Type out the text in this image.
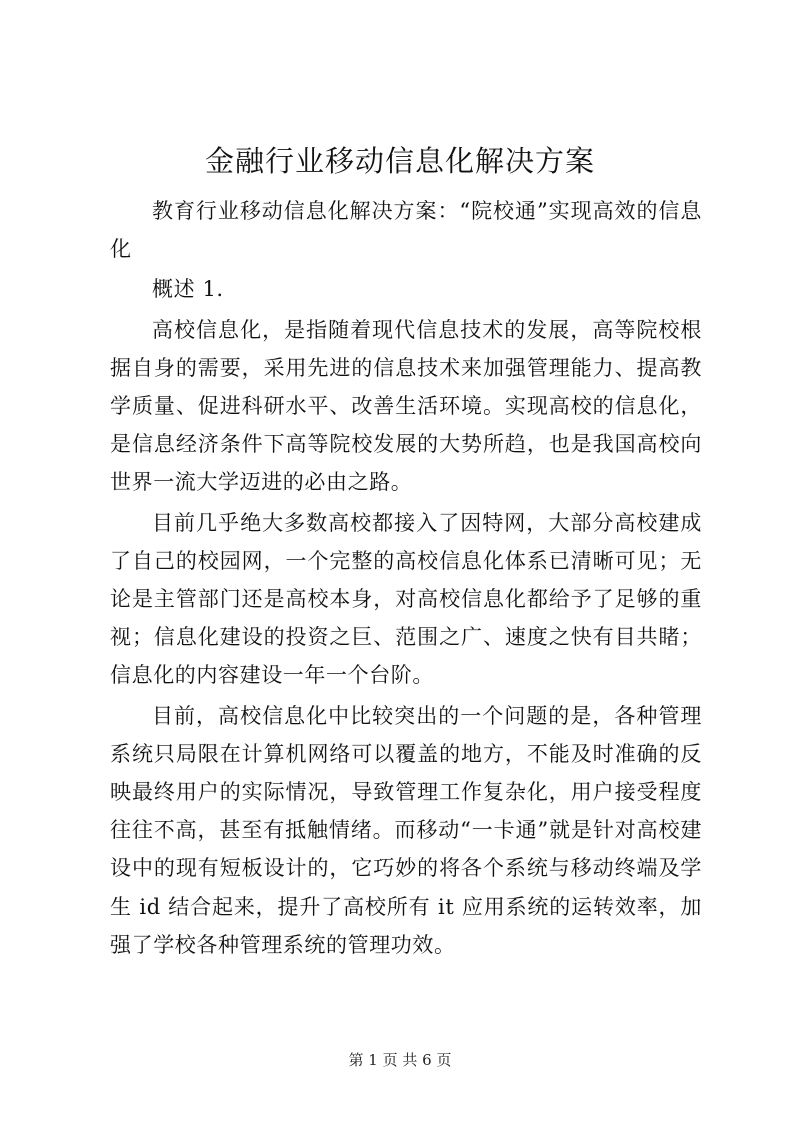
金融行业移动信息化解决方案

教育行业移动信息化解决方案：“院校通”实现高效的信息化

概述 1.

高校信息化，是指随着现代信息技术的发展，高等院校根据自身的需要，采用先进的信息技术来加强管理能力、提高教学质量、促进科研水平、改善生活环境。实现高校的信息化，是信息经济条件下高等院校发展的大势所趋，也是我国高校向世界一流大学迈进的必由之路。

目前几乎绝大多数高校都接入了因特网，大部分高校建成了自己的校园网，一个完整的高校信息化体系已清晰可见；无论是主管部门还是高校本身，对高校信息化都给予了足够的重视；信息化建设的投资之巨、范围之广、速度之快有目共睹；信息化的内容建设一年一个台阶。

目前，高校信息化中比较突出的一个问题的是，各种管理系统只局限在计算机网络可以覆盖的地方，不能及时准确的反映最终用户的实际情况，导致管理工作复杂化，用户接受程度往往不高，甚至有抵触情绪。而移动“一卡通”就是针对高校建设中的现有短板设计的，它巧妙的将各个系统与移动终端及学生 id 结合起来，提升了高校所有 it 应用系统的运转效率，加强了学校各种管理系统的管理功效。

第 1 页 共 6 页
